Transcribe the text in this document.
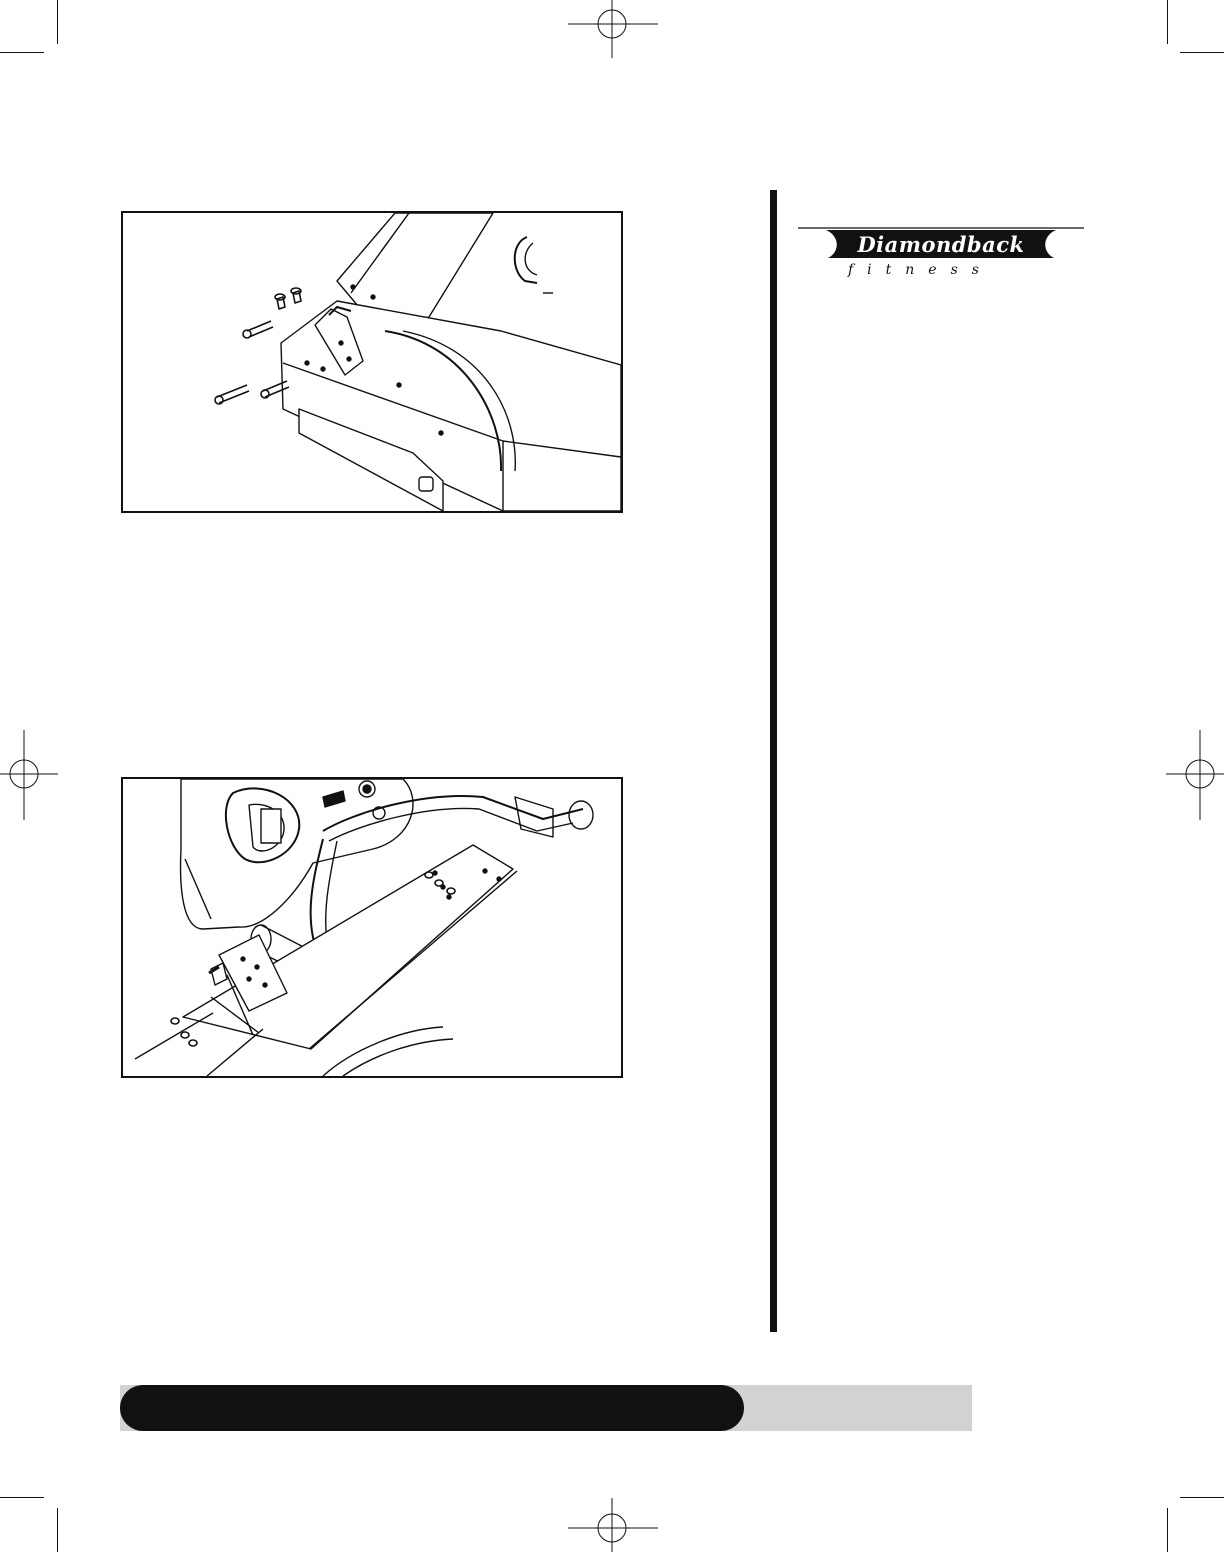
Diamondback
fitness
